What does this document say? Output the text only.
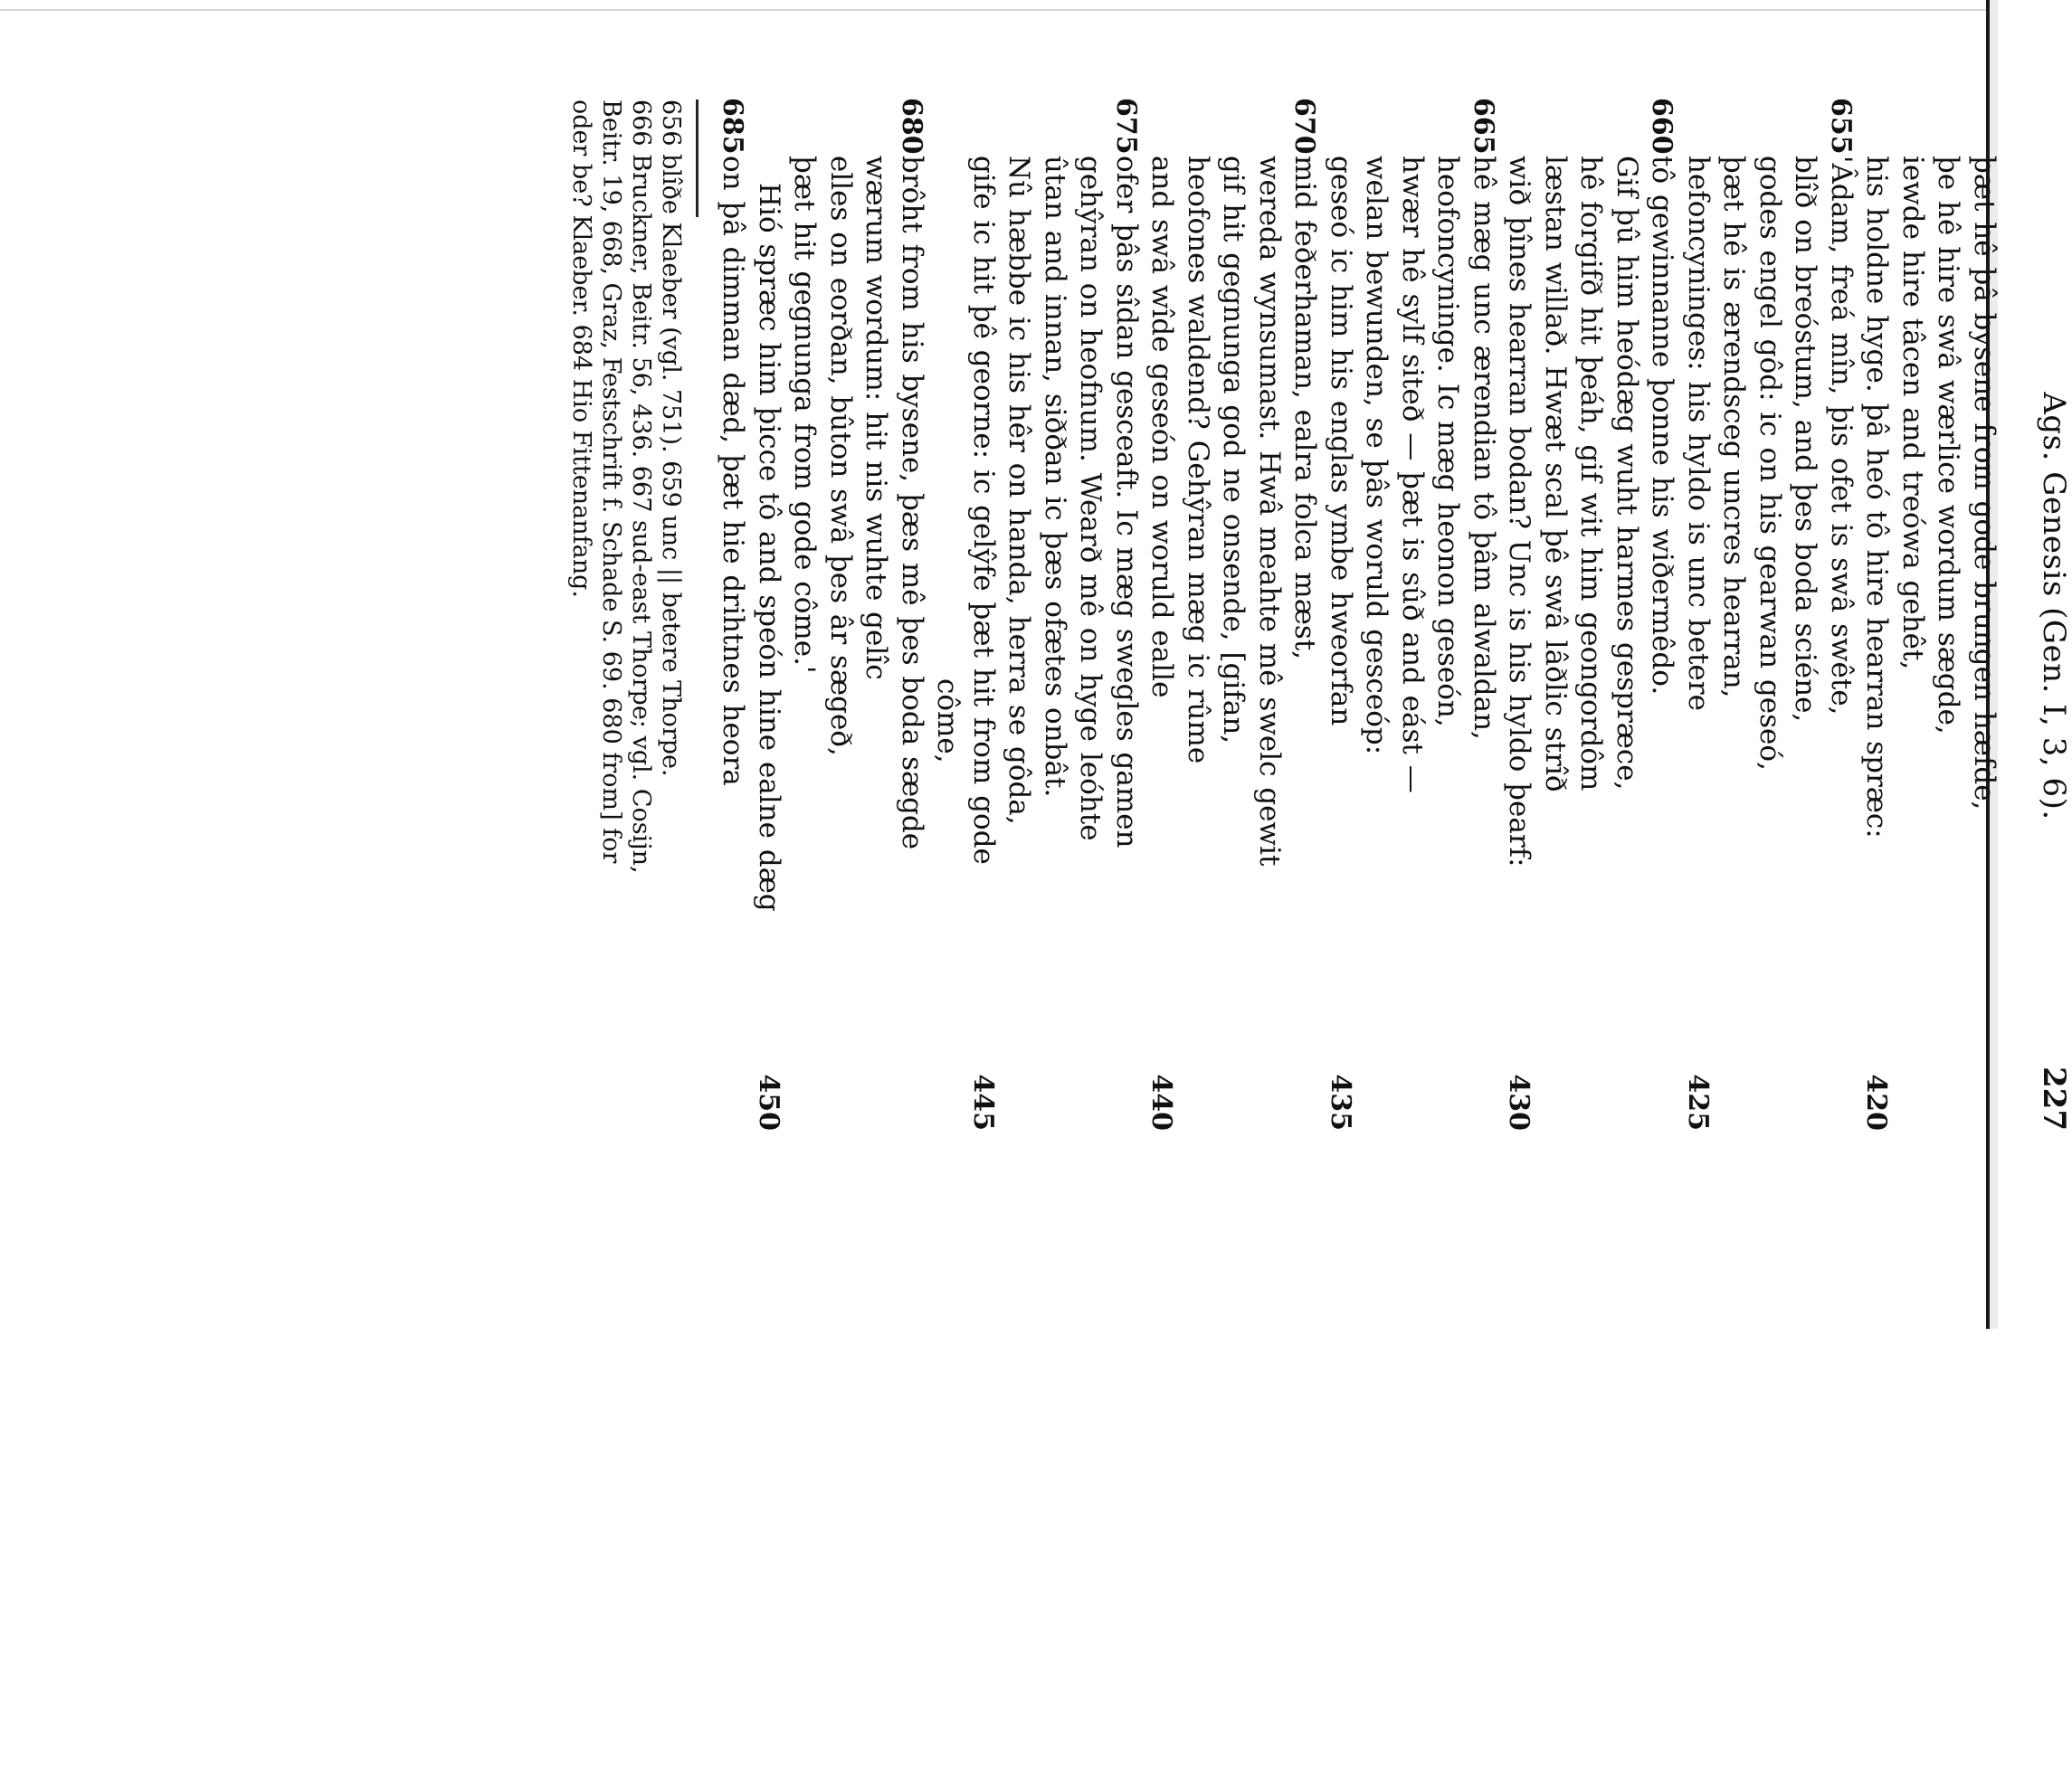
Ags. Genesis (Gen. I, 3, 6).
227
þæt hê þâ bysene from gode brungen hæfde,
þe hê hire swâ wærlice wordum sægde,
iewde hire tâcen and treówa gehêt,
his holdne hyge. þâ heó tô hire hearran spræc:
420
655
'Âdam, freá mîn, þis ofet is swâ swête,
blîð on breóstum, and þes boda sciéne,
godes engel gôd: ic on his gearwan geseó,
þæt hê is ærendsceg uncres hearran,
hefoncyninges: his hyldo is unc betere
425
660
tô gewinnanne þonne his wiðermêdo.
Gif þû him heódæg wuht harmes gespræce,
hê forgifð hit þeáh, gif wit him geongordôm
læstan willað. Hwæt scal þê swâ lâðlic strîð
wið þînes hearran bodan? Unc is his hyldo þearf:
430
665
hê mæg unc ærendian tô þâm alwaldan,
heofoncyninge. Ic mæg heonon geseón,
hwær hê sylf siteð — þæt is sûð and eást —
welan bewunden, se þâs woruld gesceóp:
geseó ic him his englas ymbe hweorfan
435
670
mid feðerhaman, ealra folca mæst,
wereda wynsumast. Hwâ meahte mê swelc gewit
gif hit gegnunga god ne onsende, [gifan,
heofones waldend? Gehŷran mæg ic rûme
and swâ wîde geseón on woruld ealle
440
675
ofer þâs sîdan gesceaft. Ic mæg swegles gamen
gehŷran on heofnum. Wearð mê on hyge leóhte
ûtan and innan, siððan ic þæs ofætes onbât.
Nû hæbbe ic his hêr on handa, herra se gôda,
gife ic hit þê georne: ic gelŷfe þæt hit from gode
445
côme,
680
brôht from his bysene, þæs mê þes boda sægde
wærum wordum: hit nis wuhte gelîc
elles on eorðan, bûton swâ þes âr sægeð,
þæt hit gegnunga from gode côme.'
Hió spræc him þicce tô and speón hine ealne dæg
450
685
on þâ dimman dæd, þæt hie drihtnes heora
656 blîðe Klaeber (vgl. 751). 659 unc || betere Thorpe.
666 Bruckner, Beitr. 56, 436. 667 sud-east Thorpe; vgl. Cosijn,
Beitr. 19, 668, Graz, Festschrift f. Schade S. 69. 680 from] for
oder be? Klaeber. 684 Hio Fittenanfang.
